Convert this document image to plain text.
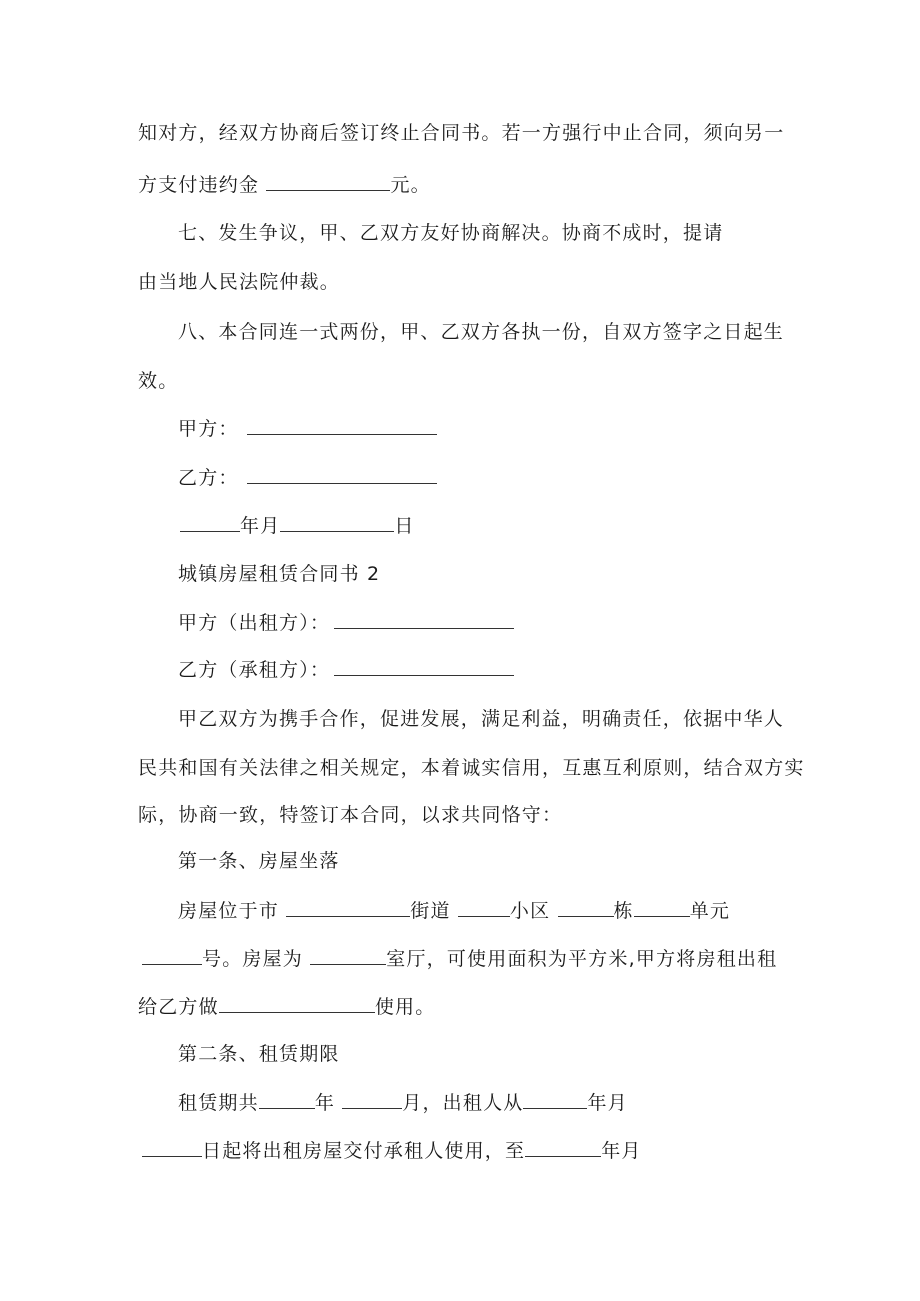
知对方，经双方协商后签订终止合同书。若一方强行中止合同，须向另一
方支付违约金	元。
七、发生争议，甲、乙双方友好协商解决。协商不成时，提请
由当地人民法院仲裁。
八、本合同连一式两份，甲、乙双方各执一份，自双方签字之日起生
效。
甲方：
乙方：
年月	日
城镇房屋租赁合同书 2
甲方（出租方）：
乙方（承租方）：
甲乙双方为携手合作，促进发展，满足利益，明确责任，依据中华人
民共和国有关法律之相关规定，本着诚实信用，互惠互利原则，结合双方实
际，协商一致，特签订本合同，以求共同恪守：
第一条、房屋坐落
房屋位于市	街道	小区	栋	单元
号。房屋为	室厅，可使用面积为平方米,甲方将房租出租
给乙方做	使用。
第二条、租赁期限
租赁期共	年	月，出租人从	年月
日起将出租房屋交付承租人使用，至	年月
